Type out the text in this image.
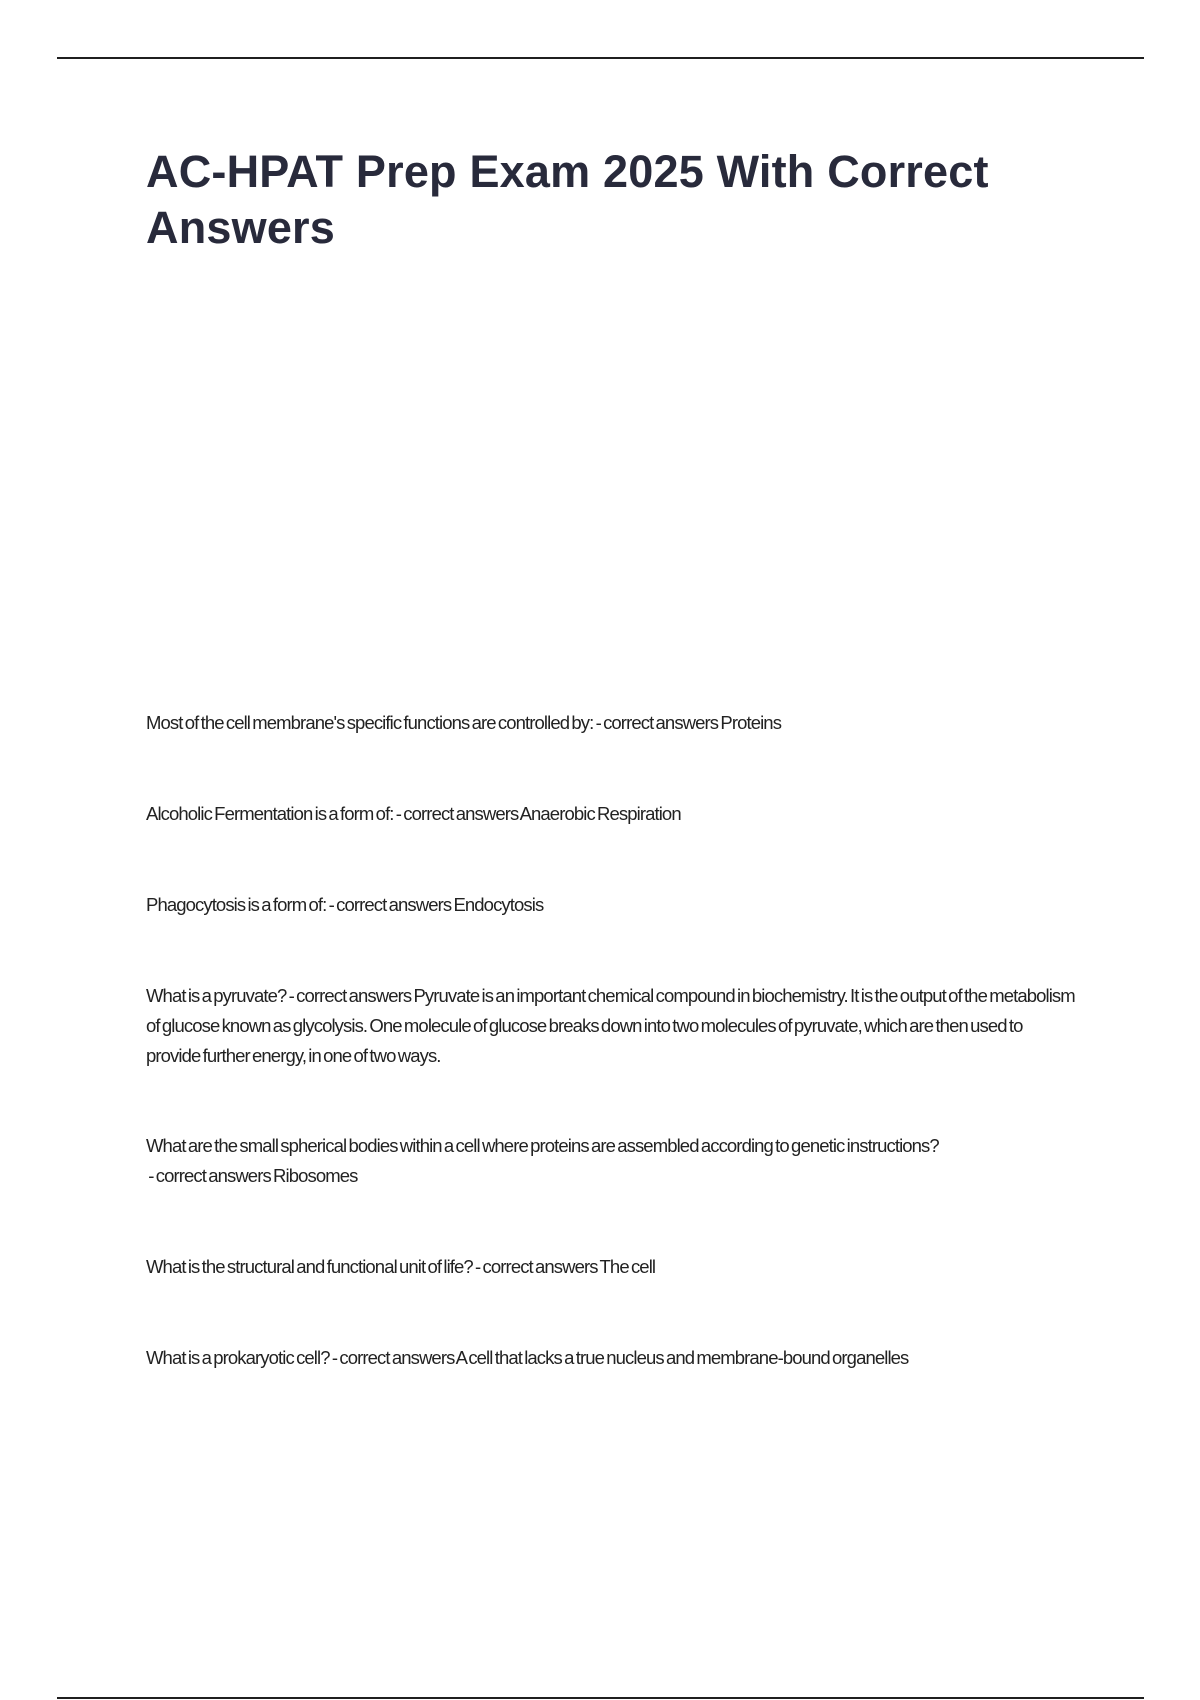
AC-HPAT Prep Exam 2025 With Correct Answers

Most of the cell membrane's specific functions are controlled by: - correct answers Proteins

Alcoholic Fermentation is a form of: - correct answers Anaerobic Respiration

Phagocytosis is a form of: - correct answers Endocytosis

What is a pyruvate? - correct answers Pyruvate is an important chemical compound in biochemistry. It is the output of the metabolism of glucose known as glycolysis. One molecule of glucose breaks down into two molecules of pyruvate, which are then used to provide further energy, in one of two ways.

What are the small spherical bodies within a cell where proteins are assembled according to genetic instructions? - correct answers Ribosomes

What is the structural and functional unit of life? - correct answers The cell

What is a prokaryotic cell? - correct answers A cell that lacks a true nucleus and membrane-bound organelles
